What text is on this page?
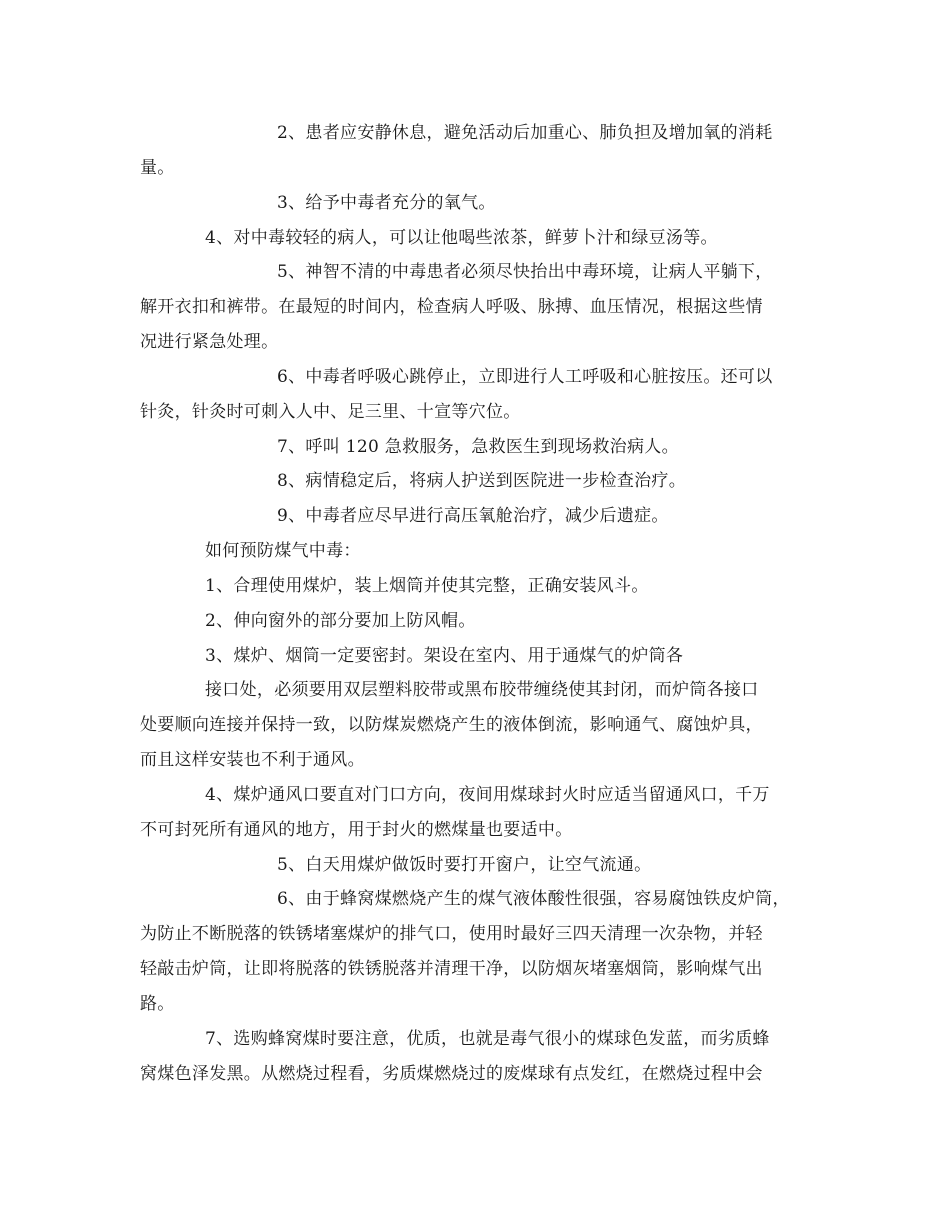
2、患者应安静休息，避免活动后加重心、肺负担及增加氧的消耗
量。
3、给予中毒者充分的氧气。
4、对中毒较轻的病人，可以让他喝些浓茶，鲜萝卜汁和绿豆汤等。
5、神智不清的中毒患者必须尽快抬出中毒环境，让病人平躺下，
解开衣扣和裤带。在最短的时间内，检查病人呼吸、脉搏、血压情况，根据这些情
况进行紧急处理。
6、中毒者呼吸心跳停止，立即进行人工呼吸和心脏按压。还可以
针灸，针灸时可刺入人中、足三里、十宣等穴位。
7、呼叫 120 急救服务，急救医生到现场救治病人。
8、病情稳定后，将病人护送到医院进一步检查治疗。
9、中毒者应尽早进行高压氧舱治疗，减少后遗症。
如何预防煤气中毒：
1、合理使用煤炉，装上烟筒并使其完整，正确安装风斗。
2、伸向窗外的部分要加上防风帽。
3、煤炉、烟筒一定要密封。架设在室内、用于通煤气的炉筒各
接口处，必须要用双层塑料胶带或黑布胶带缠绕使其封闭，而炉筒各接口
处要顺向连接并保持一致，以防煤炭燃烧产生的液体倒流，影响通气、腐蚀炉具，
而且这样安装也不利于通风。
4、煤炉通风口要直对门口方向，夜间用煤球封火时应适当留通风口，千万
不可封死所有通风的地方，用于封火的燃煤量也要适中。
5、白天用煤炉做饭时要打开窗户，让空气流通。
6、由于蜂窝煤燃烧产生的煤气液体酸性很强，容易腐蚀铁皮炉筒，
为防止不断脱落的铁锈堵塞煤炉的排气口，使用时最好三四天清理一次杂物，并轻
轻敲击炉筒，让即将脱落的铁锈脱落并清理干净，以防烟灰堵塞烟筒，影响煤气出
路。
7、选购蜂窝煤时要注意，优质，也就是毒气很小的煤球色发蓝，而劣质蜂
窝煤色泽发黑。从燃烧过程看，劣质煤燃烧过的废煤球有点发红，在燃烧过程中会
